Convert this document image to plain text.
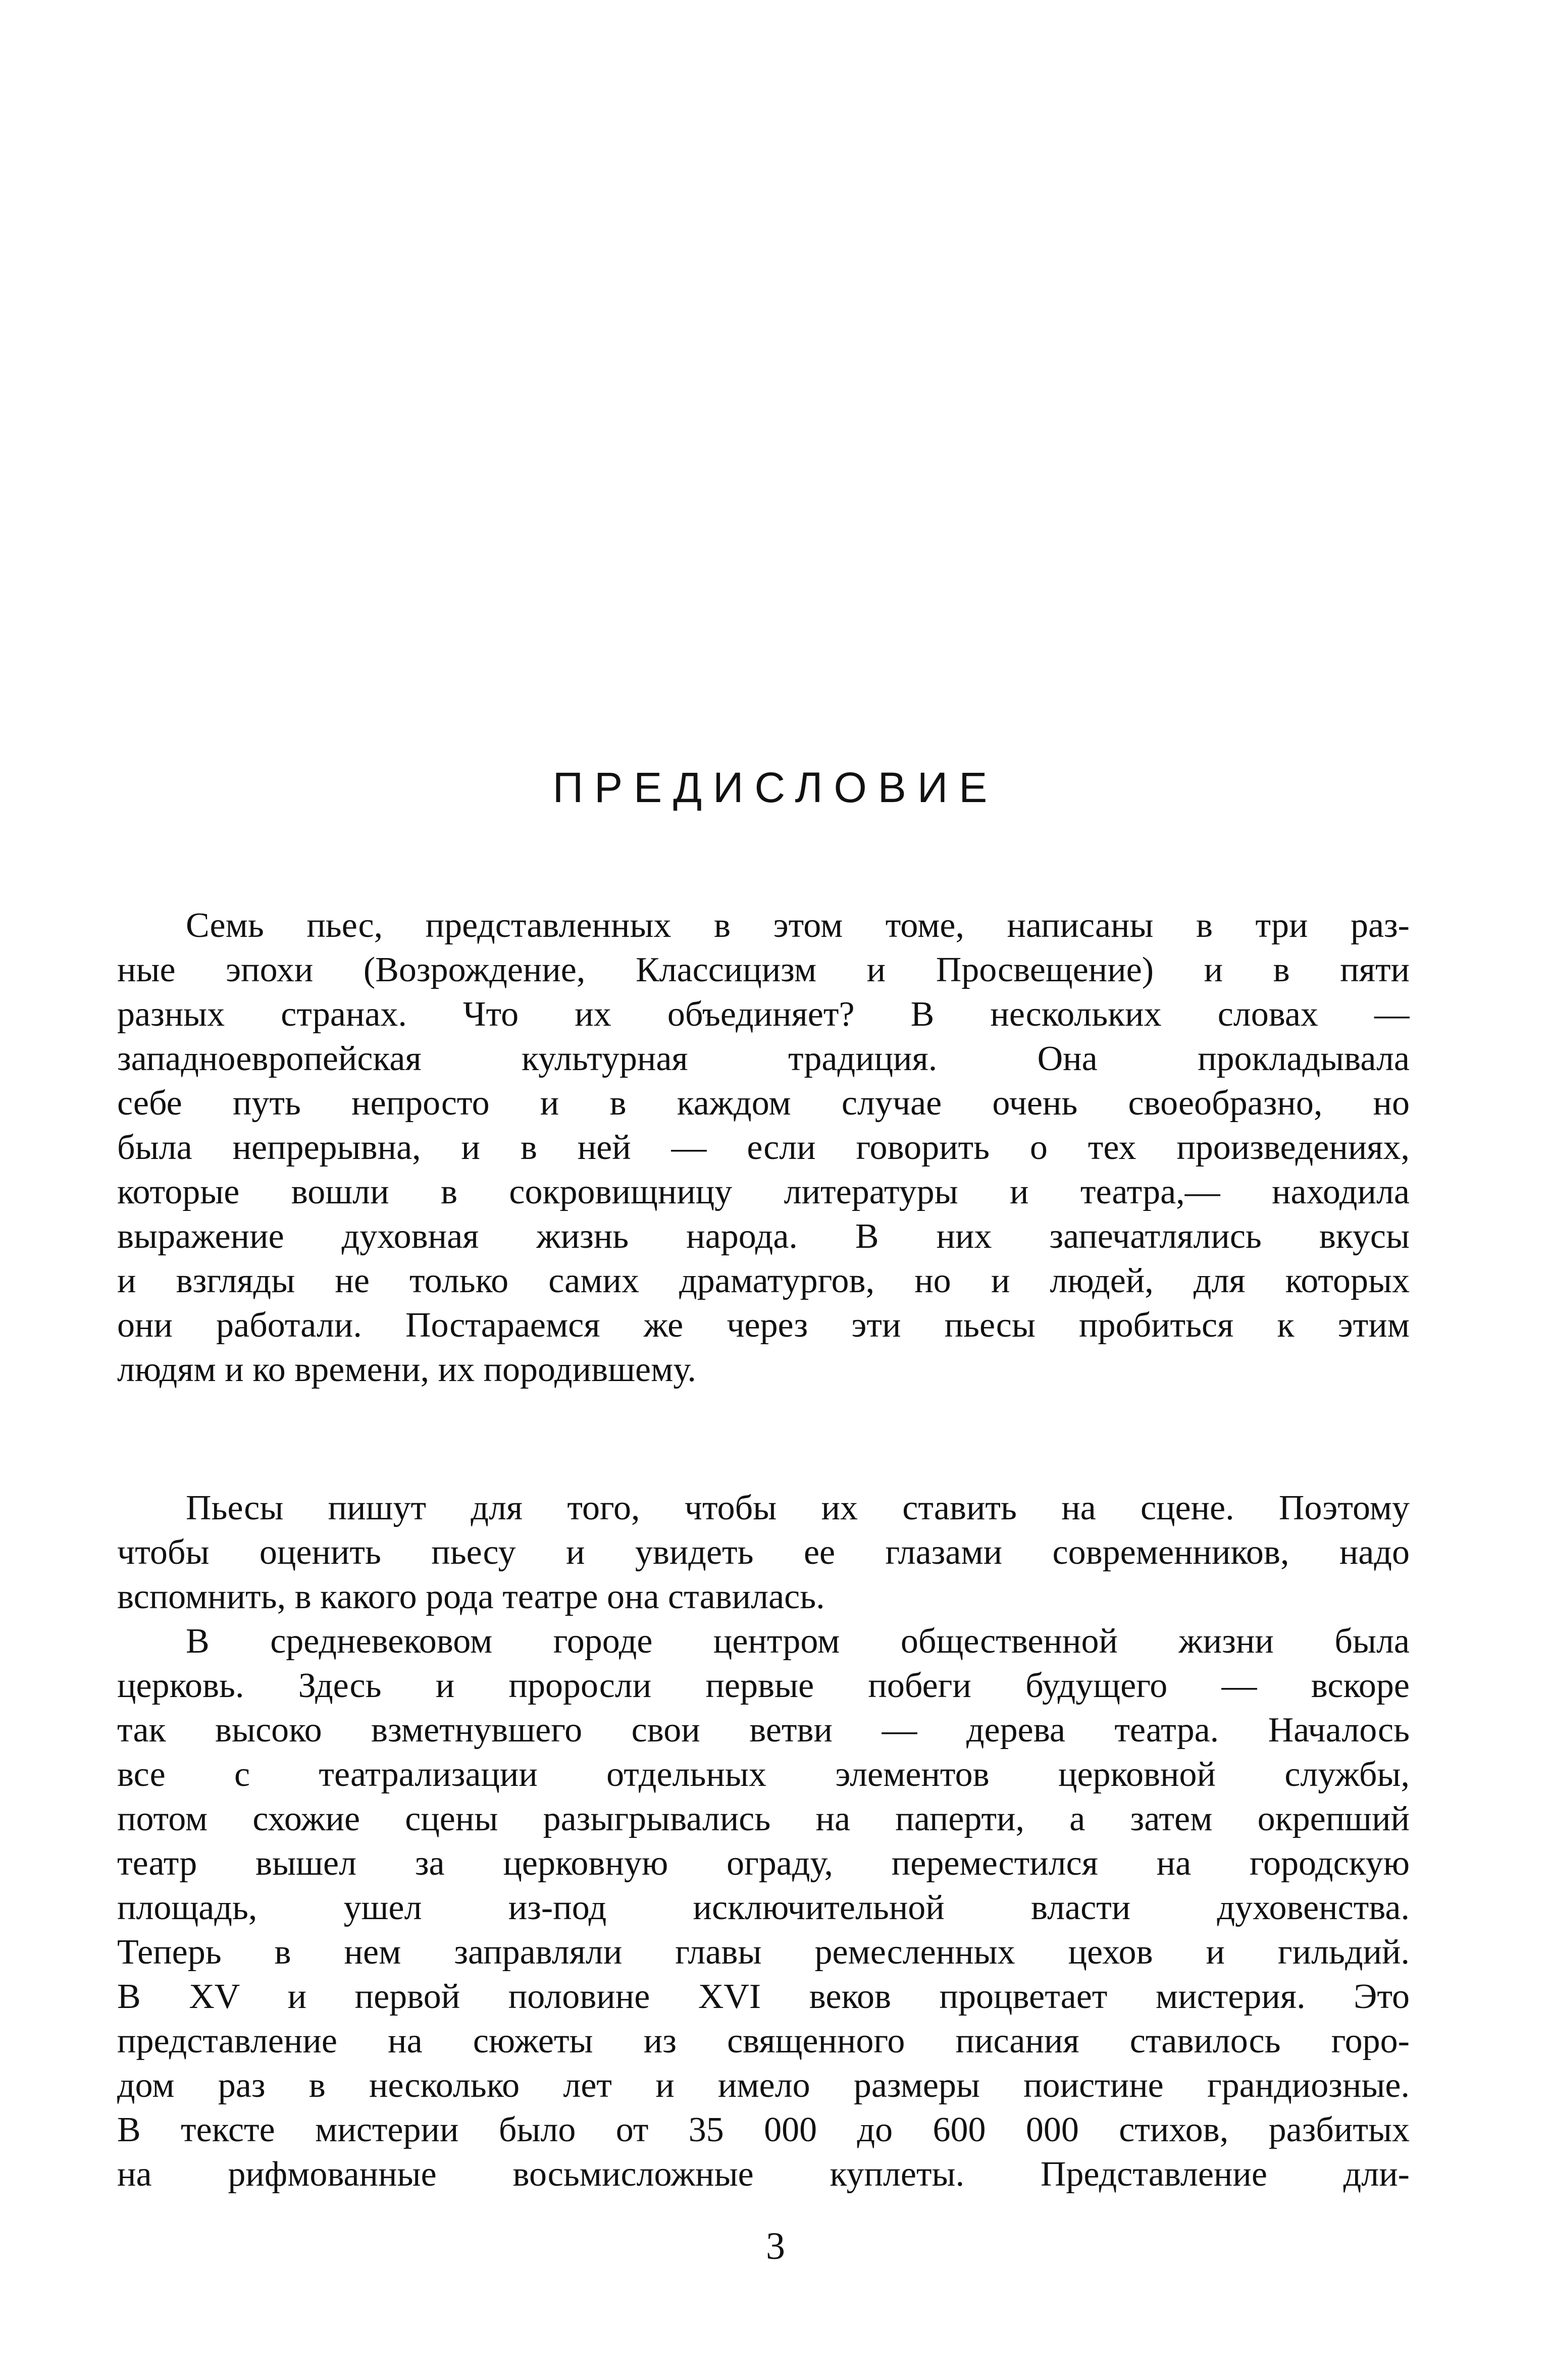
ПРЕДИСЛОВИЕ
Семь пьес, представленных в этом томе, написаны в три раз-
ные эпохи (Возрождение, Классицизм и Просвещение) и в пяти
разных странах. Что их объединяет? В нескольких словах —
западноевропейская культурная традиция. Она прокладывала
себе путь непросто и в каждом случае очень своеобразно, но
была непрерывна, и в ней — если говорить о тех произведениях,
которые вошли в сокровищницу литературы и театра,— находила
выражение духовная жизнь народа. В них запечатлялись вкусы
и взгляды не только самих драматургов, но и людей, для которых
они работали. Постараемся же через эти пьесы пробиться к этим
людям и ко времени, их породившему.
Пьесы пишут для того, чтобы их ставить на сцене. Поэтому
чтобы оценить пьесу и увидеть ее глазами современников, надо
вспомнить, в какого рода театре она ставилась.
В средневековом городе центром общественной жизни была
церковь. Здесь и проросли первые побеги будущего — вскоре
так высоко взметнувшего свои ветви — дерева театра. Началось
все с театрализации отдельных элементов церковной службы,
потом схожие сцены разыгрывались на паперти, а затем окрепший
театр вышел за церковную ограду, переместился на городскую
площадь, ушел из-под исключительной власти духовенства.
Теперь в нем заправляли главы ремесленных цехов и гильдий.
В XV и первой половине XVI веков процветает мистерия. Это
представление на сюжеты из священного писания ставилось горо-
дом раз в несколько лет и имело размеры поистине грандиозные.
В тексте мистерии было от 35 000 до 600 000 стихов, разбитых
на рифмованные восьмисложные куплеты. Представление дли-
3
